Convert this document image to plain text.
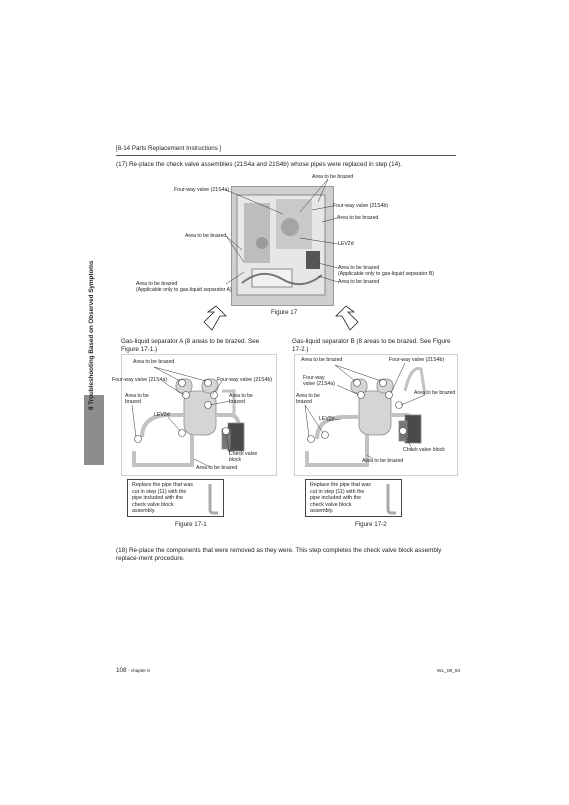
[8-14 Parts Replacement Instructions ]
8 Troubleshooting Based on Observed Symptoms
(17) Re-place the check valve assemblies (21S4a and 21S4b) whose pipes were replaced in step (14).
Area to be brazed
Four-way valve (21S4a)
Four-way valve (21S4b)
Area to be brazed
Area to be brazed
LEV2d
Area to be brazed
(Applicable only to gas-liquid separator B)
Area to be brazed
Area to be brazed
(Applicable only to gas-liquid separator A)
Figure 17
Gas-liquid separator A (8 areas to be brazed. See Figure 17-1.)
Area to be brazed
Four-way valve (21S4a)	Four-way valve (21S4b)
Area to be brazed
Area to be brazed
LEV2d
Check valve block
Area to be brazed
Replace the pipe that was cut in step (11) with the pipe included with the check valve block assembly.
Figure 17-1
Gas-liquid separator B (8 areas to be brazed. See Figure 17-2.)
Area to be brazed	Four-way valve (21S4b)
Four-way valve (21S4a)
Area to be brazed
Area to be brazed
LEV2e
Check valve block
Area to be brazed
Replace the pipe that was cut in step (11) with the pipe included with the check valve block assembly.
Figure 17-2
(18) Re-place the components that were removed as they were. This step completes the check valve block assembly replace-ment procedure.
108 - chapter 8	WL_08_84
